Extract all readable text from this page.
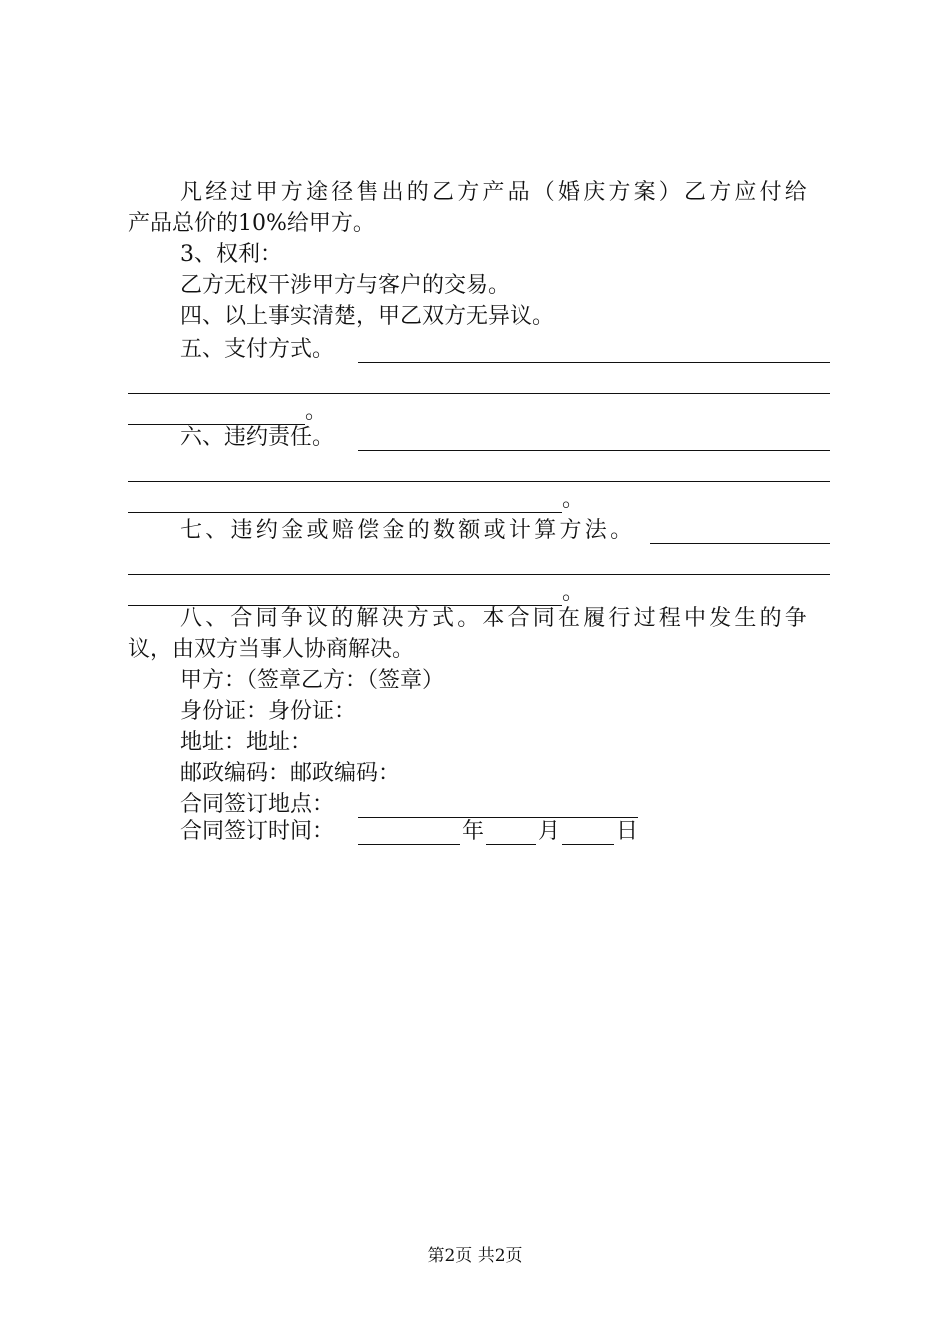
凡经过甲方途径售出的乙方产品（婚庆方案）乙方应付给
产品总价的10%给甲方。
3、权利：
乙方无权干涉甲方与客户的交易。
四、以上事实清楚，甲乙双方无异议。
五、支付方式。
。
六、违约责任。
。
七、违约金或赔偿金的数额或计算方法。
。
八、合同争议的解决方式。本合同在履行过程中发生的争
议，由双方当事人协商解决。
甲方：（签章乙方：（签章）
身份证：身份证：
地址：地址：
邮政编码：邮政编码：
合同签订地点：
合同签订时间：	年 月	日
第2页 共2页
